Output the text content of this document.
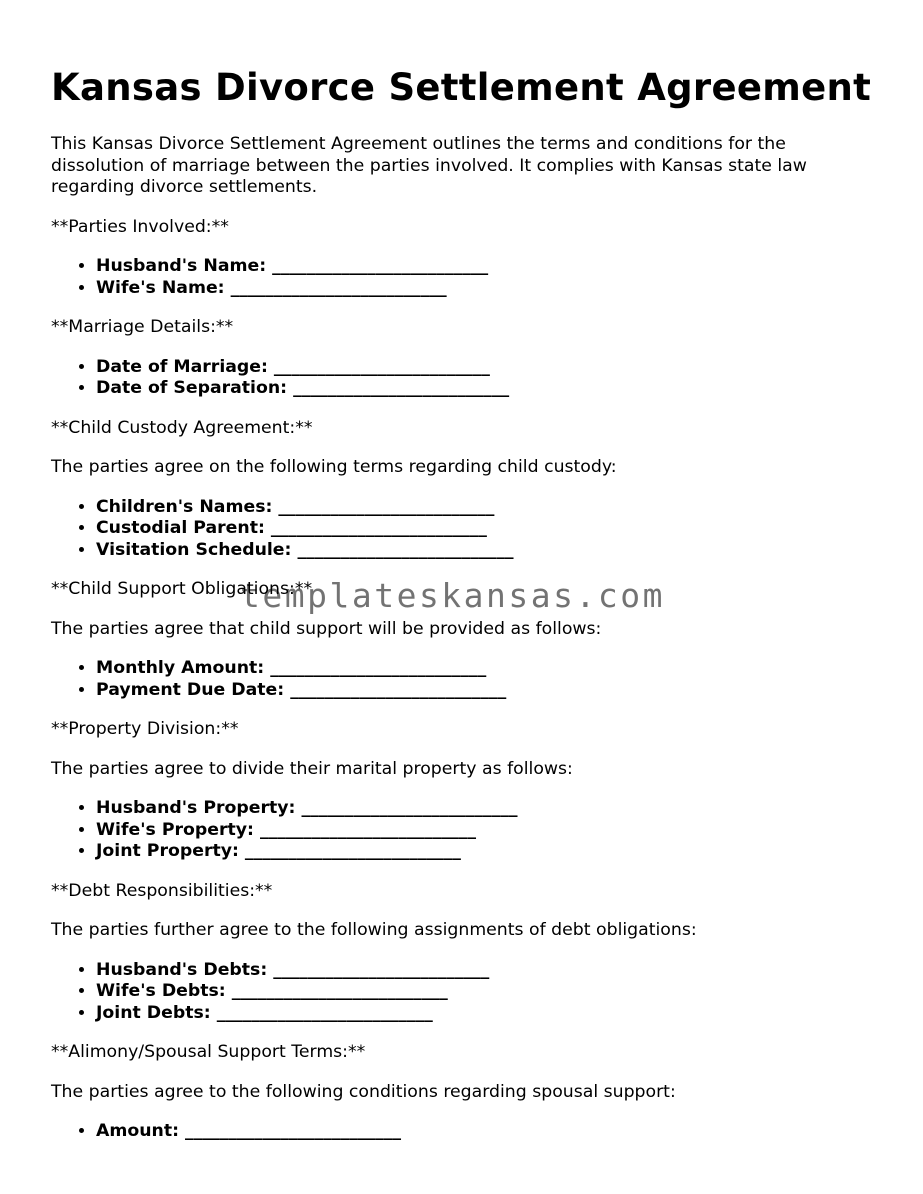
Kansas Divorce Settlement Agreement

This Kansas Divorce Settlement Agreement outlines the terms and conditions for the dissolution of marriage between the parties involved. It complies with Kansas state law regarding divorce settlements.

**Parties Involved:**

• Husband's Name: _________________________
• Wife's Name: _________________________

**Marriage Details:**

• Date of Marriage: _________________________
• Date of Separation: _________________________

**Child Custody Agreement:**

The parties agree on the following terms regarding child custody:

• Children's Names: _________________________
• Custodial Parent: _________________________
• Visitation Schedule: _________________________

**Child Support Obligations:**

The parties agree that child support will be provided as follows:

• Monthly Amount: _________________________
• Payment Due Date: _________________________

**Property Division:**

The parties agree to divide their marital property as follows:

• Husband's Property: _________________________
• Wife's Property: _________________________
• Joint Property: _________________________

**Debt Responsibilities:**

The parties further agree to the following assignments of debt obligations:

• Husband's Debts: _________________________
• Wife's Debts: _________________________
• Joint Debts: _________________________

**Alimony/Spousal Support Terms:**

The parties agree to the following conditions regarding spousal support:

• Amount: _________________________
templateskansas.com
